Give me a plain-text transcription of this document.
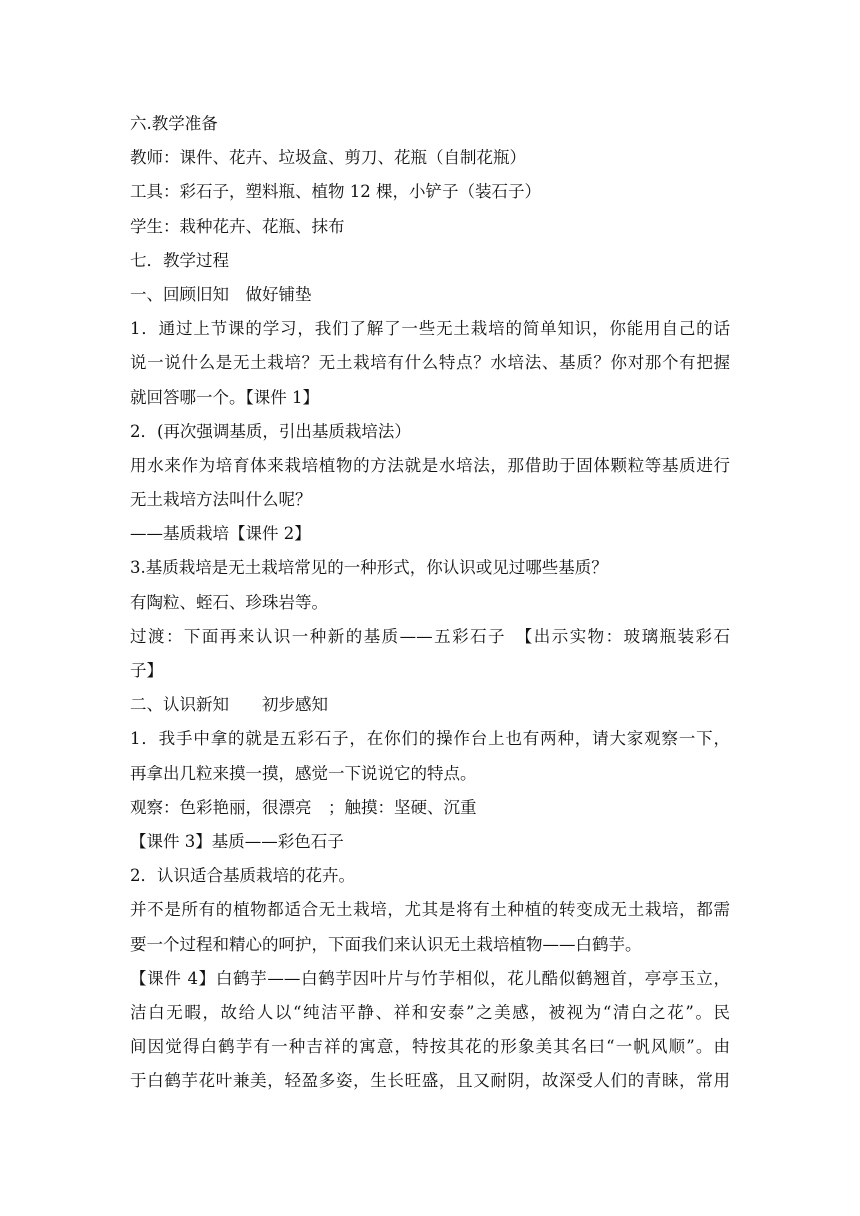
六.教学准备
教师：课件、花卉、垃圾盒、剪刀、花瓶（自制花瓶）
工具：彩石子，塑料瓶、植物 12 棵，小铲子（装石子）
学生：栽种花卉、花瓶、抹布
七．教学过程
一、回顾旧知　做好铺垫
1．通过上节课的学习，我们了解了一些无土栽培的简单知识，你能用自己的话
说一说什么是无土栽培？无土栽培有什么特点？水培法、基质？你对那个有把握
就回答哪一个。【课件 1】
2．(再次强调基质，引出基质栽培法）
用水来作为培育体来栽培植物的方法就是水培法，那借助于固体颗粒等基质进行
无土栽培方法叫什么呢？
——基质栽培【课件 2】
3.基质栽培是无土栽培常见的一种形式，你认识或见过哪些基质？
有陶粒、蛭石、珍珠岩等。
过渡：下面再来认识一种新的基质——五彩石子　【出示实物：玻璃瓶装彩石
子】
二、认识新知　　初步感知
1．我手中拿的就是五彩石子，在你们的操作台上也有两种，请大家观察一下，
再拿出几粒来摸一摸，感觉一下说说它的特点。
观察：色彩艳丽，很漂亮　；触摸：坚硬、沉重
【课件 3】基质——彩色石子
2．认识适合基质栽培的花卉。
并不是所有的植物都适合无土栽培，尤其是将有土种植的转变成无土栽培，都需
要一个过程和精心的呵护，下面我们来认识无土栽培植物——白鹤芋。
【课件 4】白鹤芋——白鹤芋因叶片与竹芋相似，花儿酷似鹤翘首，亭亭玉立，
洁白无暇，故给人以“纯洁平静、祥和安泰”之美感，被视为“清白之花”。民
间因觉得白鹤芋有一种吉祥的寓意，特按其花的形象美其名曰“一帆风顺”。由
于白鹤芋花叶兼美，轻盈多姿，生长旺盛，且又耐阴，故深受人们的青睐，常用
